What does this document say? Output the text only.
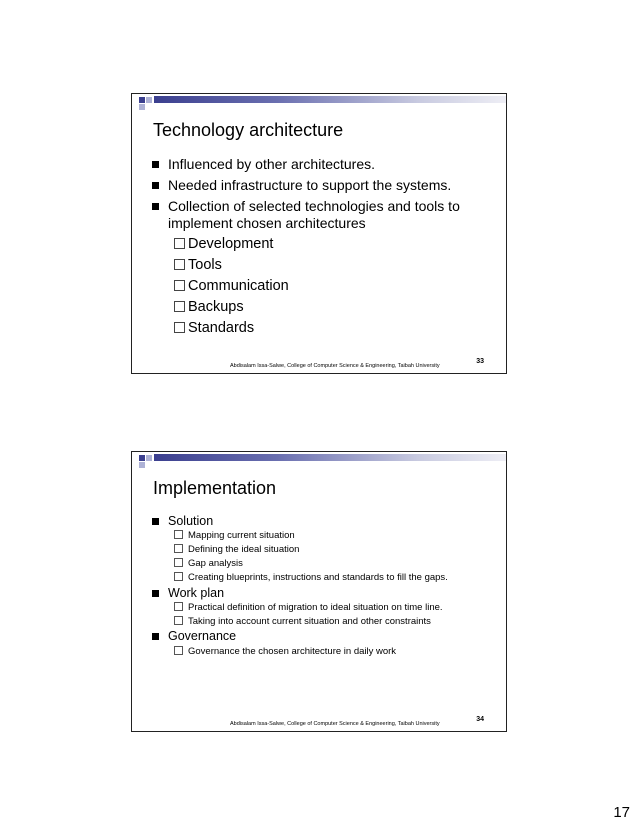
Technology architecture
Influenced by other architectures.
Needed infrastructure to support the systems.
Collection of selected technologies and tools to
implement chosen architectures
Development
Tools
Communication
Backups
Standards
Abdisalam Issa-Salwe, College of Computer Science & Engineering, Taibah University
33
Implementation
Solution
Mapping current situation
Defining the ideal situation
Gap analysis
Creating blueprints, instructions and standards to fill the gaps.
Work plan
Practical definition of migration to ideal situation on time line.
Taking into account current situation and other constraints
Governance
Governance the chosen architecture in daily work
Abdisalam Issa-Salwe, College of Computer Science & Engineering, Taibah University
34
17
